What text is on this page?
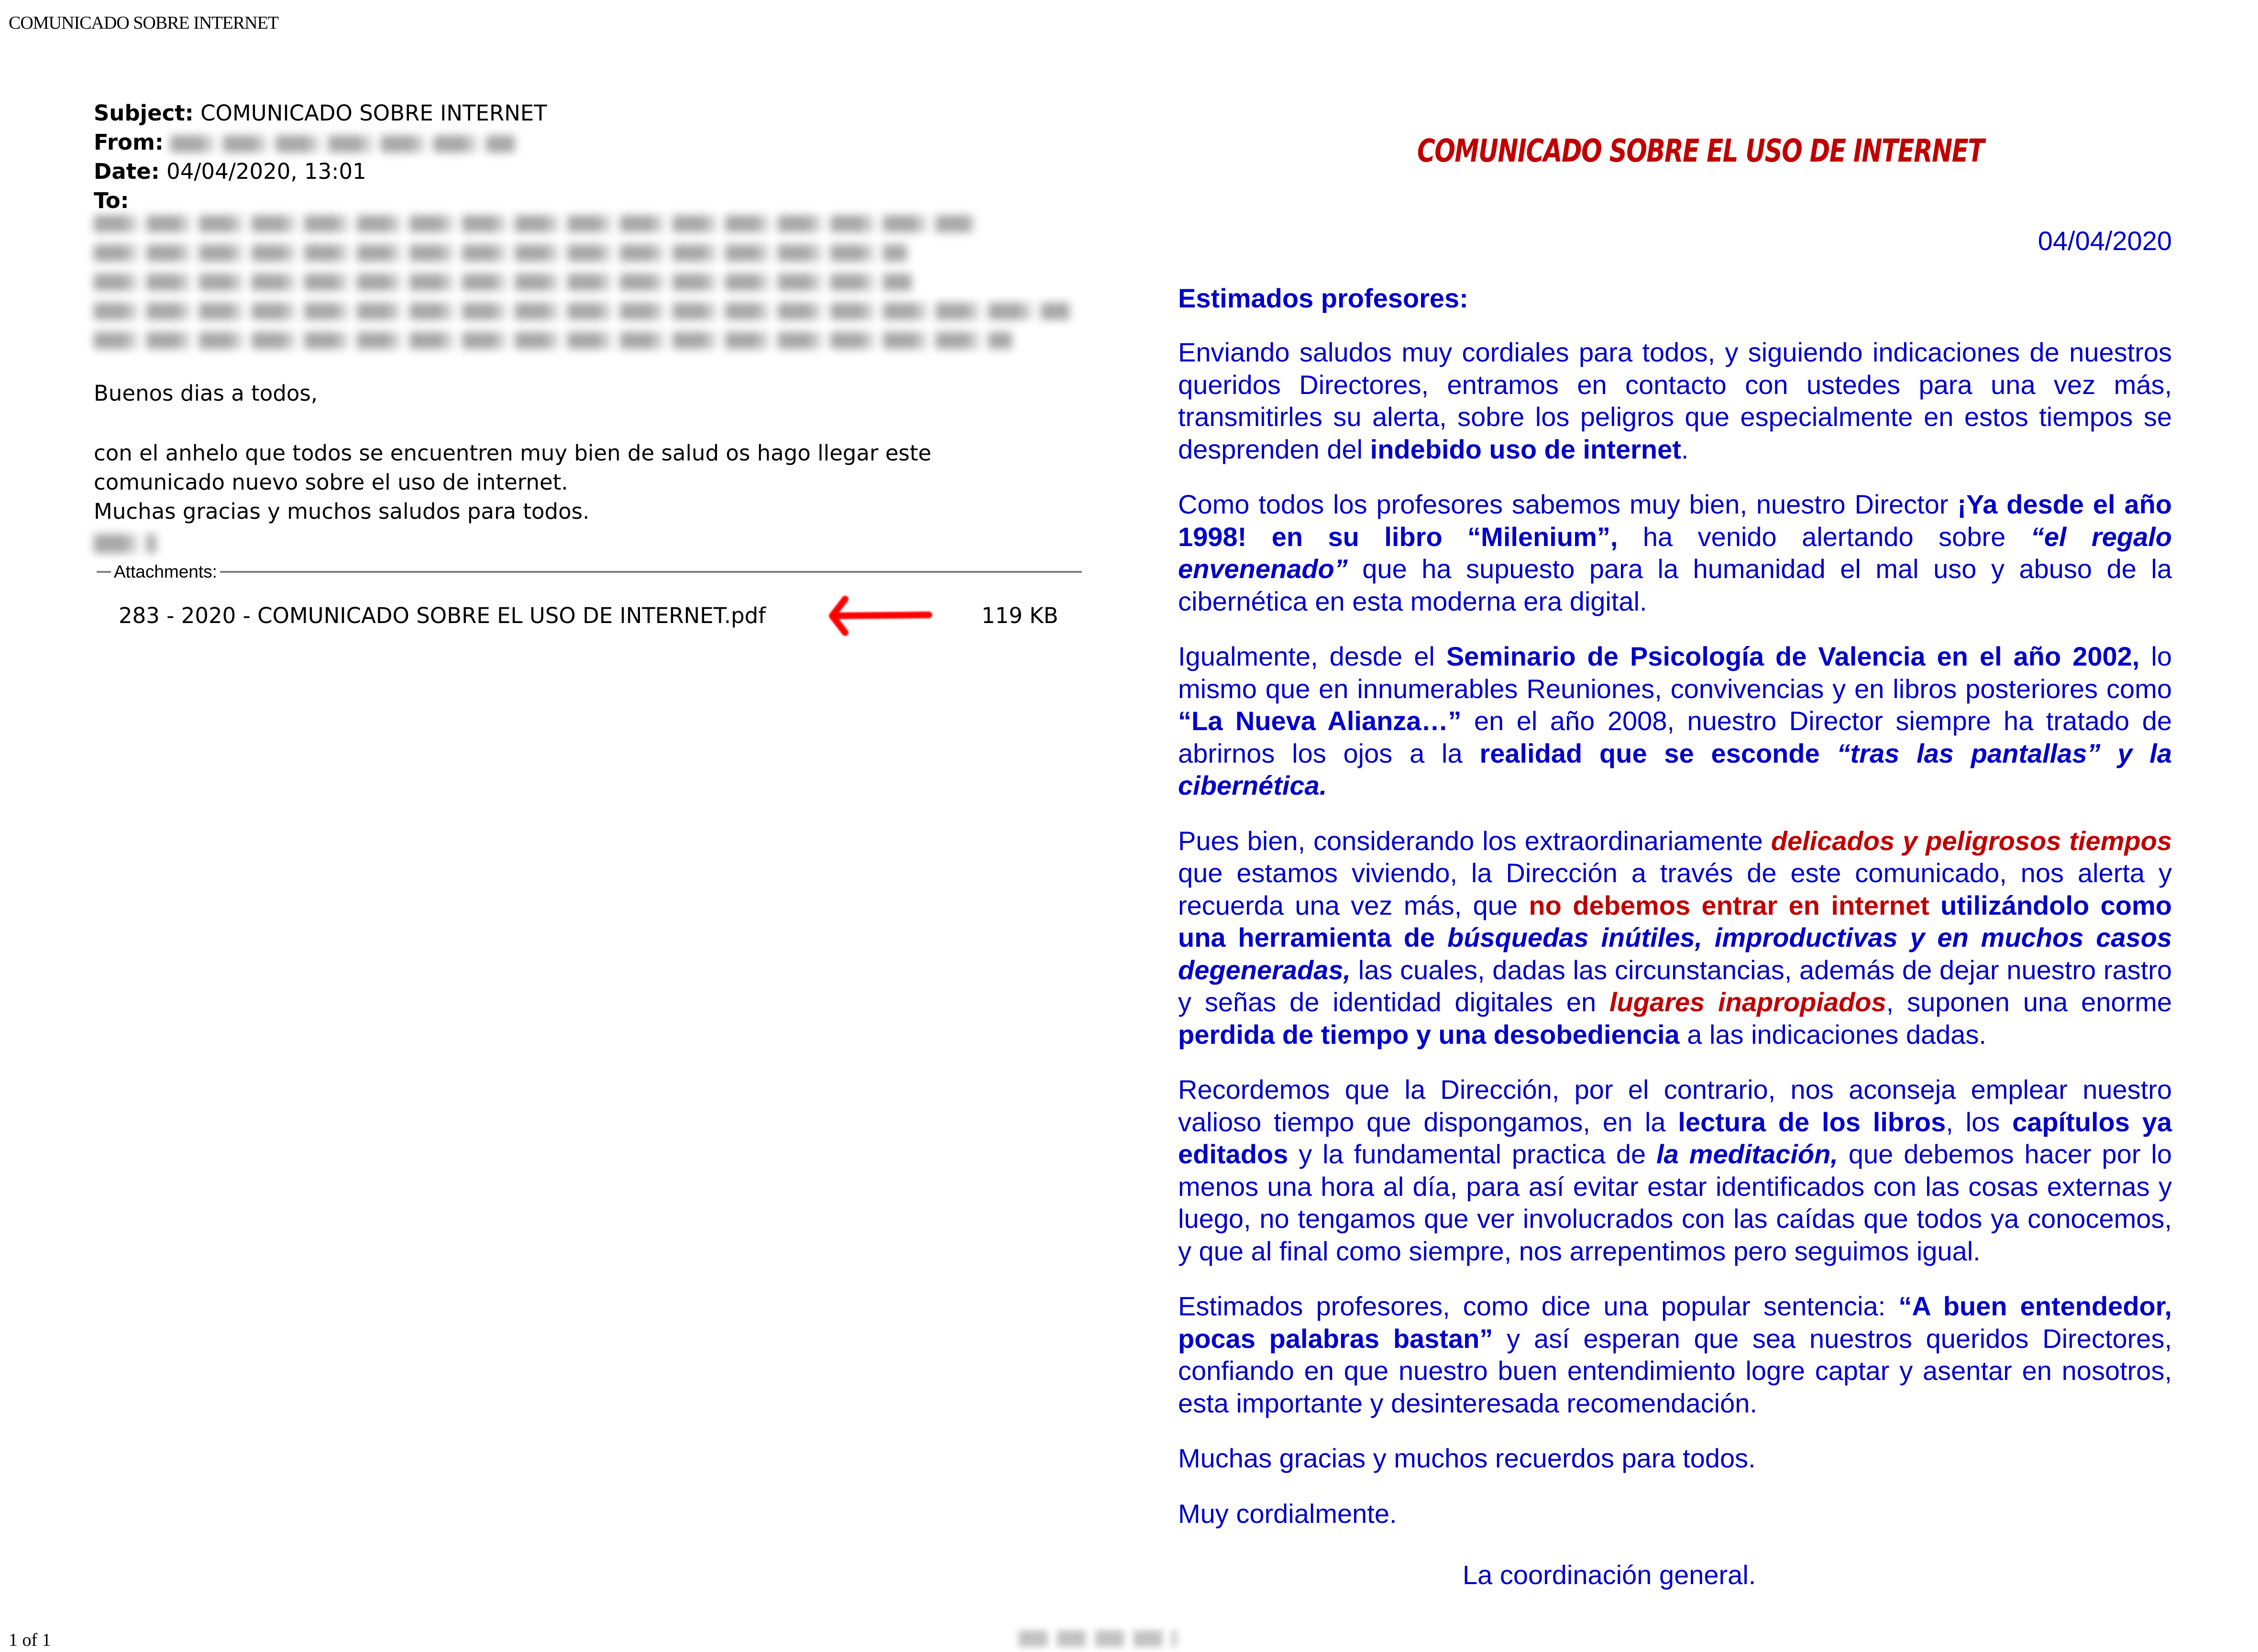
COMUNICADO SOBRE INTERNET
1 of 1
Subject: COMUNICADO SOBRE INTERNET
From:
Date: 04/04/2020, 13:01
To:

Buenos dias a todos,

con el anhelo que todos se encuentren muy bien de salud os hago llegar este

comunicado nuevo sobre el uso de internet.

Muchas gracias y muchos saludos para todos.

Attachments:
283 - 2020 - COMUNICADO SOBRE EL USO DE INTERNET.pdf	119 KB
COMUNICADO SOBRE EL USO DE INTERNET
04/04/2020
Estimados profesores:

Enviando saludos muy cordiales para todos, y siguiendo indicaciones de nuestros queridos Directores, entramos en contacto con ustedes para una vez más, transmitirles su alerta, sobre los peligros que especialmente en estos tiempos se desprenden del indebido uso de internet.

Como todos los profesores sabemos muy bien, nuestro Director ¡Ya desde el año 1998! en su libro “Milenium”, ha venido alertando sobre “el regalo envenenado” que ha supuesto para la humanidad el mal uso y abuso de la cibernética en esta moderna era digital.

Igualmente, desde el Seminario de Psicología de Valencia en el año 2002, lo mismo que en innumerables Reuniones, convivencias y en libros posteriores como “La Nueva Alianza…” en el año 2008, nuestro Director siempre ha tratado de abrirnos los ojos a la realidad que se esconde “tras las pantallas” y la cibernética.

Pues bien, considerando los extraordinariamente delicados y peligrosos tiempos que estamos viviendo, la Dirección a través de este comunicado, nos alerta y recuerda una vez más, que no debemos entrar en internet utilizándolo como una herramienta de búsquedas inútiles, improductivas y en muchos casos degeneradas, las cuales, dadas las circunstancias, además de dejar nuestro rastro y señas de identidad digitales en lugares inapropiados, suponen una enorme perdida de tiempo y una desobediencia a las indicaciones dadas.

Recordemos que la Dirección, por el contrario, nos aconseja emplear nuestro valioso tiempo que dispongamos, en la lectura de los libros, los capítulos ya editados y la fundamental practica de la meditación, que debemos hacer por lo menos una hora al día, para así evitar estar identificados con las cosas externas y luego, no tengamos que ver involucrados con las caídas que todos ya conocemos, y que al final como siempre, nos arrepentimos pero seguimos igual.

Estimados profesores, como dice una popular sentencia: “A buen entendedor, pocas palabras bastan” y así esperan que sea nuestros queridos Directores, confiando en que nuestro buen entendimiento logre captar y asentar en nosotros, esta importante y desinteresada recomendación.

Muchas gracias y muchos recuerdos para todos.
Muy cordialmente.
La coordinación general.
